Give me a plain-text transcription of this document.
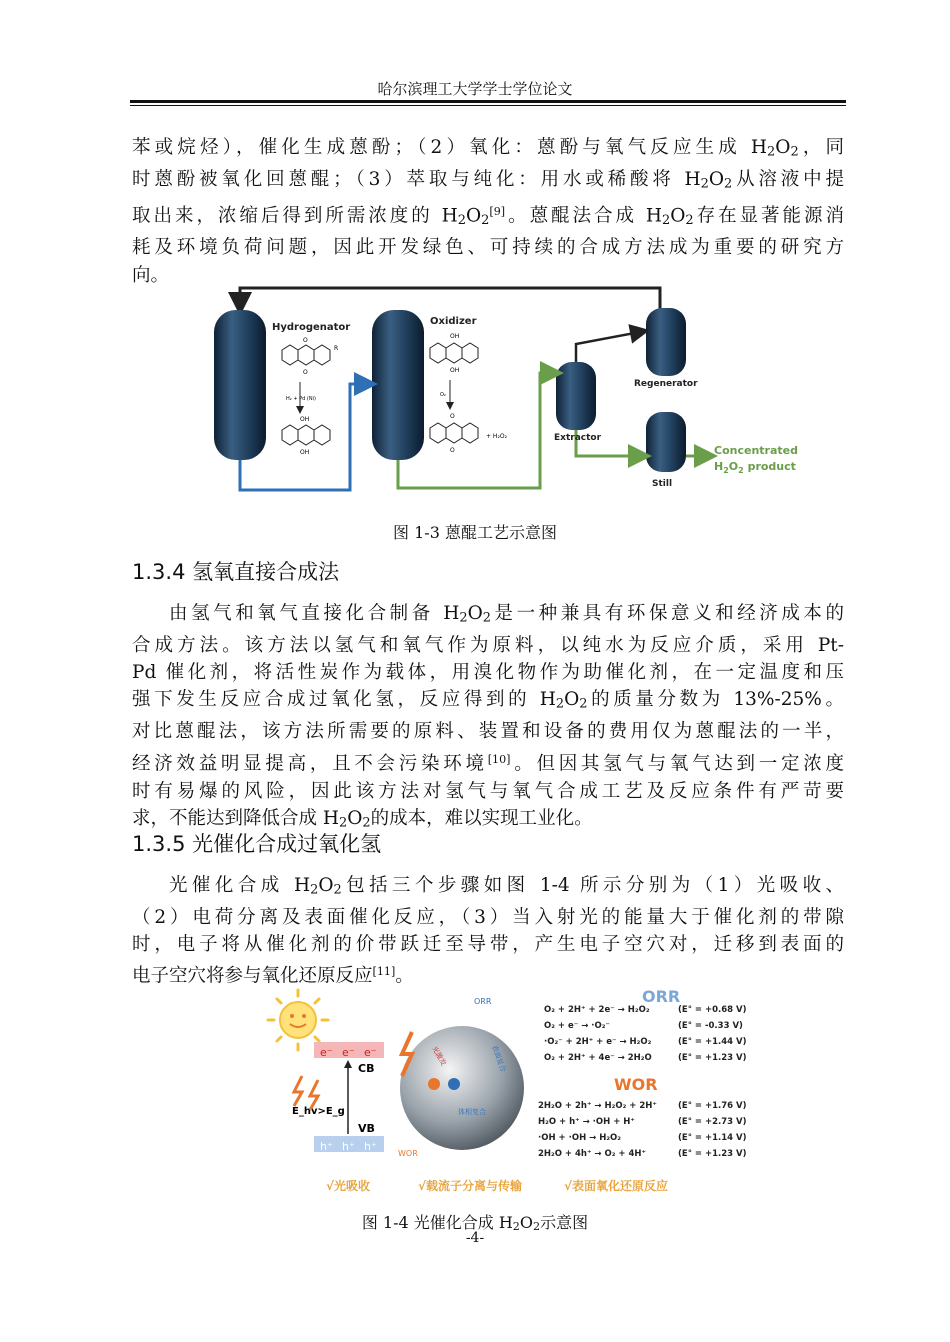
哈尔滨理工大学学士学位论文
苯或烷烃），催化生成蒽酚；（2）氧化：蒽酚与氧气反应生成 $H_2O_2$，同
时蒽酚被氧化回蒽醌；（3）萃取与纯化：用水或稀酸将 $H_2O_2$从溶液中提
取出来，浓缩后得到所需浓度的 $H_2O_2[9]$。蒽醌法合成 $H_2O_2$存在显著能源消
耗及环境负荷问题，因此开发绿色、可持续的合成方法成为重要的研究方
向。
Hydrogenator
Oxidizer
Regenerator
Extractor
Still
Concentrated
$H_2O_2$ product
O
O
R
H₂ + Pd (Ni)
OH
OH
OH
OH
O₂
O
O
+ H₂O₂
图 1-3 蒽醌工艺示意图
1.3.4 氢氧直接合成法
由氢气和氧气直接化合制备 $H_2O_2$是一种兼具有环保意义和经济成本的
合成方法。该方法以氢气和氧气作为原料，以纯水为反应介质，采用 Pt-
Pd 催化剂，将活性炭作为载体，用溴化物作为助催化剂，在一定温度和压
强下发生反应合成过氧化氢，反应得到的 $H_2O_2$的质量分数为 13%-25%。
对比蒽醌法，该方法所需要的原料、装置和设备的费用仅为蒽醌法的一半，
经济效益明显提高，且不会污染环境[10]。但因其氢气与氧气达到一定浓度
时有易爆的风险，因此该方法对氢气与氧气合成工艺及反应条件有严苛要
求，不能达到降低合成 $H_2O_2$的成本，难以实现工业化。
1.3.5 光催化合成过氧化氢
光催化合成 $H_2O_2$包括三个步骤如图 1-4 所示分别为（1）光吸收、
（2）电荷分离及表面催化反应，（3）当入射光的能量大于催化剂的带隙
时，电子将从催化剂的价带跃迁至导带，产生电子空穴对，迁移到表面的
电子空穴将参与氧化还原反应[11]。
e⁻ e⁻ e⁻
h⁺ h⁺ h⁺
CB
VB
E_hv>E_g
光激发	表面复合
体相复合
ORR
WOR
ORR
O₂ + 2H⁺ + 2e⁻ → H₂O₂	(E° = +0.68 V)
O₂ + e⁻ → ·O₂⁻	(E° = -0.33 V)
·O₂⁻ + 2H⁺ + e⁻ → H₂O₂	(E° = +1.44 V)
O₂ + 2H⁺ + 4e⁻ → 2H₂O	(E° = +1.23 V)
WOR
2H₂O + 2h⁺ → H₂O₂ + 2H⁺ (E° = +1.76 V)
H₂O + h⁺ → ·OH + H⁺	(E° = +2.73 V)
·OH + ·OH → H₂O₂	(E° = +1.14 V)
2H₂O + 4h⁺ → O₂ + 4H⁺	(E° = +1.23 V)
√光吸收	√载流子分离与传输	√表面氧化还原反应
图 1-4 光催化合成 $H_2O_2$示意图
-4-
